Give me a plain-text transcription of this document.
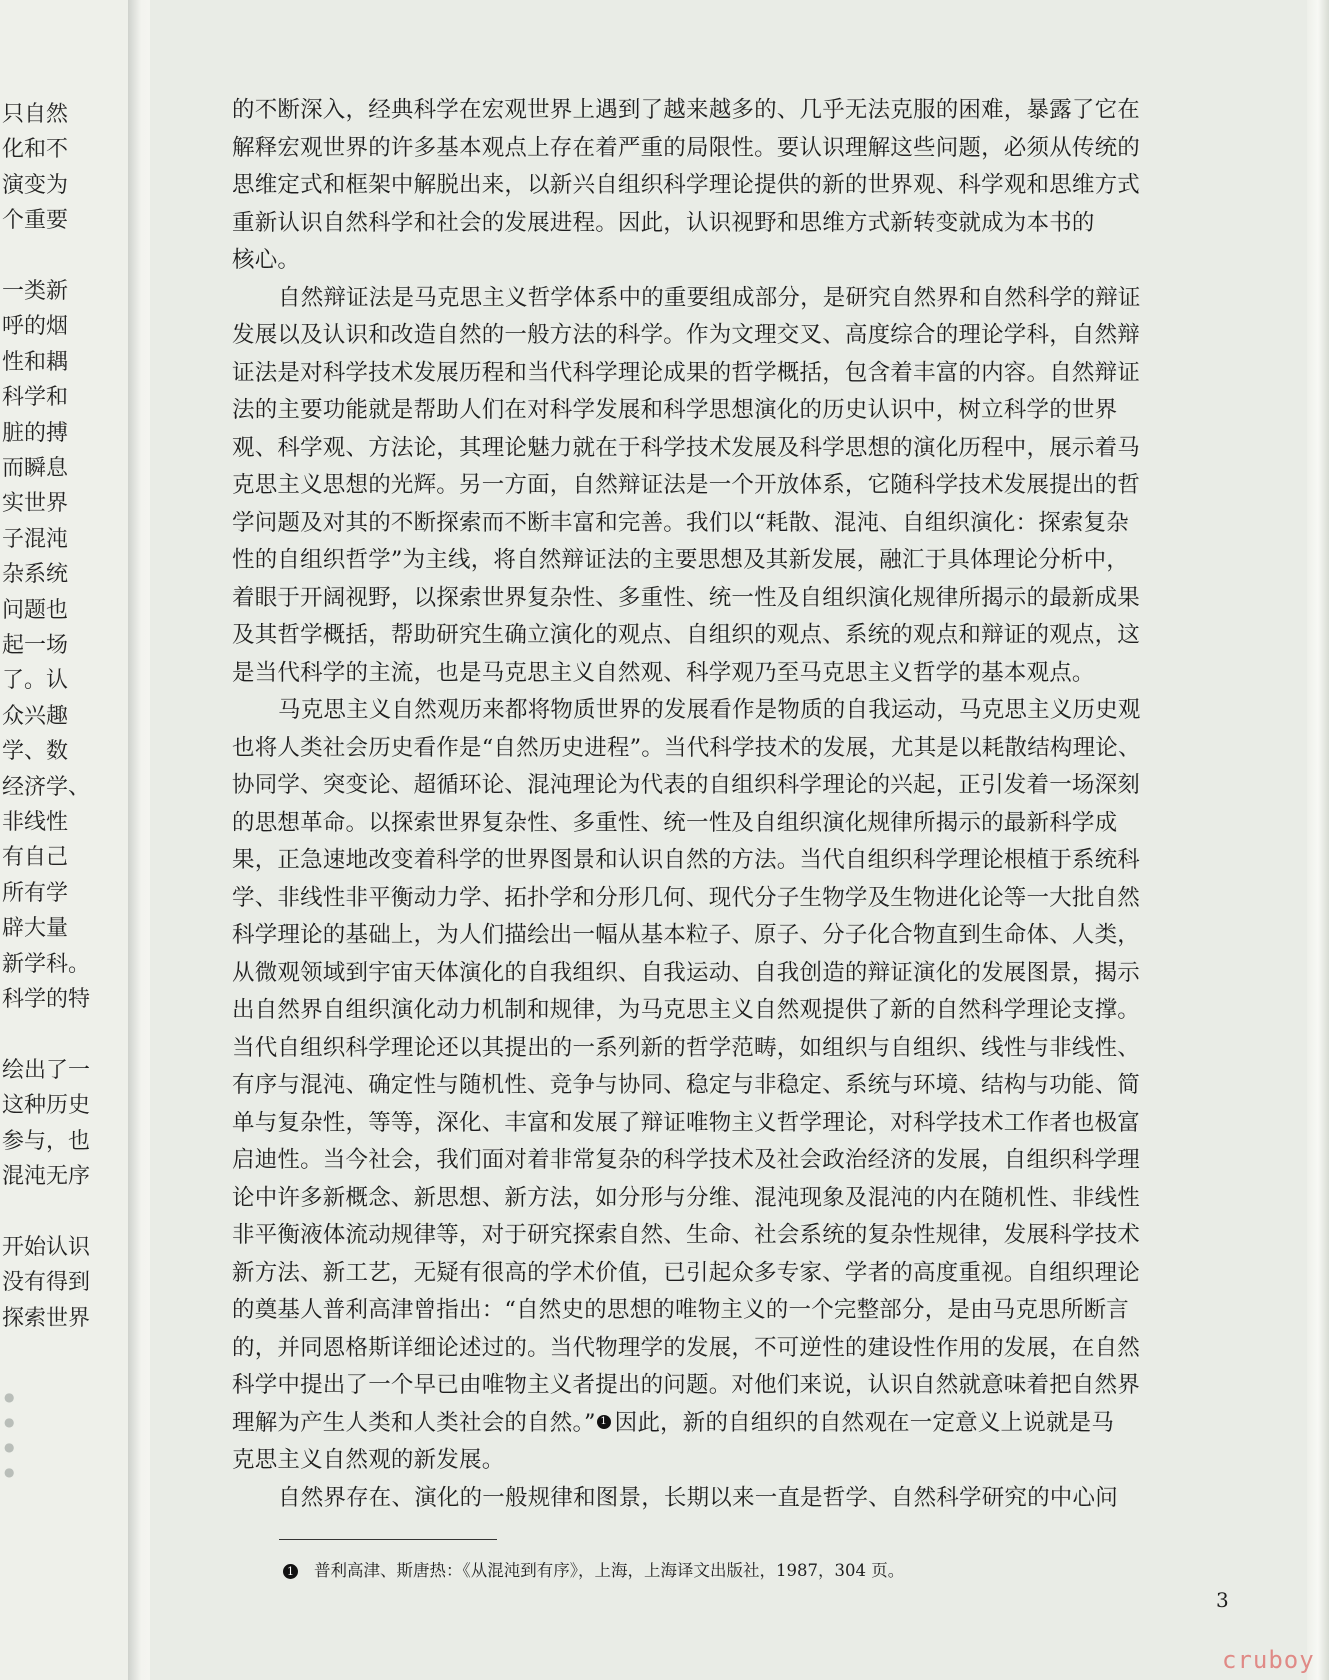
只自然
化和不
演变为
个重要
一类新
呼的烟
性和耦
科学和
脏的搏
而瞬息
实世界
子混沌
杂系统
问题也
起一场
了。认
众兴趣
学、数
经济学、
非线性
有自己
所有学
辟大量
新学科。
科学的特
绘出了一
这种历史
参与，也
混沌无序
开始认识
没有得到
探索世界
●
●
●
●
的不断深入，经典科学在宏观世界上遇到了越来越多的、几乎无法克服的困难，暴露了它在
解释宏观世界的许多基本观点上存在着严重的局限性。要认识理解这些问题，必须从传统的
思维定式和框架中解脱出来，以新兴自组织科学理论提供的新的世界观、科学观和思维方式
重新认识自然科学和社会的发展进程。因此，认识视野和思维方式新转变就成为本书的
核心。
自然辩证法是马克思主义哲学体系中的重要组成部分，是研究自然界和自然科学的辩证
发展以及认识和改造自然的一般方法的科学。作为文理交叉、高度综合的理论学科，自然辩
证法是对科学技术发展历程和当代科学理论成果的哲学概括，包含着丰富的内容。自然辩证
法的主要功能就是帮助人们在对科学发展和科学思想演化的历史认识中，树立科学的世界
观、科学观、方法论，其理论魅力就在于科学技术发展及科学思想的演化历程中，展示着马
克思主义思想的光辉。另一方面，自然辩证法是一个开放体系，它随科学技术发展提出的哲
学问题及对其的不断探索而不断丰富和完善。我们以“耗散、混沌、自组织演化：探索复杂
性的自组织哲学”为主线，将自然辩证法的主要思想及其新发展，融汇于具体理论分析中，
着眼于开阔视野，以探索世界复杂性、多重性、统一性及自组织演化规律所揭示的最新成果
及其哲学概括，帮助研究生确立演化的观点、自组织的观点、系统的观点和辩证的观点，这
是当代科学的主流，也是马克思主义自然观、科学观乃至马克思主义哲学的基本观点。
马克思主义自然观历来都将物质世界的发展看作是物质的自我运动，马克思主义历史观
也将人类社会历史看作是“自然历史进程”。当代科学技术的发展，尤其是以耗散结构理论、
协同学、突变论、超循环论、混沌理论为代表的自组织科学理论的兴起，正引发着一场深刻
的思想革命。以探索世界复杂性、多重性、统一性及自组织演化规律所揭示的最新科学成
果，正急速地改变着科学的世界图景和认识自然的方法。当代自组织科学理论根植于系统科
学、非线性非平衡动力学、拓扑学和分形几何、现代分子生物学及生物进化论等一大批自然
科学理论的基础上，为人们描绘出一幅从基本粒子、原子、分子化合物直到生命体、人类，
从微观领域到宇宙天体演化的自我组织、自我运动、自我创造的辩证演化的发展图景，揭示
出自然界自组织演化动力机制和规律，为马克思主义自然观提供了新的自然科学理论支撑。
当代自组织科学理论还以其提出的一系列新的哲学范畴，如组织与自组织、线性与非线性、
有序与混沌、确定性与随机性、竞争与协同、稳定与非稳定、系统与环境、结构与功能、简
单与复杂性，等等，深化、丰富和发展了辩证唯物主义哲学理论，对科学技术工作者也极富
启迪性。当今社会，我们面对着非常复杂的科学技术及社会政治经济的发展，自组织科学理
论中许多新概念、新思想、新方法，如分形与分维、混沌现象及混沌的内在随机性、非线性
非平衡液体流动规律等，对于研究探索自然、生命、社会系统的复杂性规律，发展科学技术
新方法、新工艺，无疑有很高的学术价值，已引起众多专家、学者的高度重视。自组织理论
的奠基人普利高津曾指出：“自然史的思想的唯物主义的一个完整部分，是由马克思所断言
的，并同恩格斯详细论述过的。当代物理学的发展，不可逆性的建设性作用的发展，在自然
科学中提出了一个早已由唯物主义者提出的问题。对他们来说，认识自然就意味着把自然界
理解为产生人类和人类社会的自然。” 1 因此，新的自组织的自然观在一定意义上说就是马
克思主义自然观的新发展。
自然界存在、演化的一般规律和图景，长期以来一直是哲学、自然科学研究的中心问
1 普利高津、斯唐热：《从混沌到有序》，上海，上海译文出版社，1987，304 页。
3
cruboy
